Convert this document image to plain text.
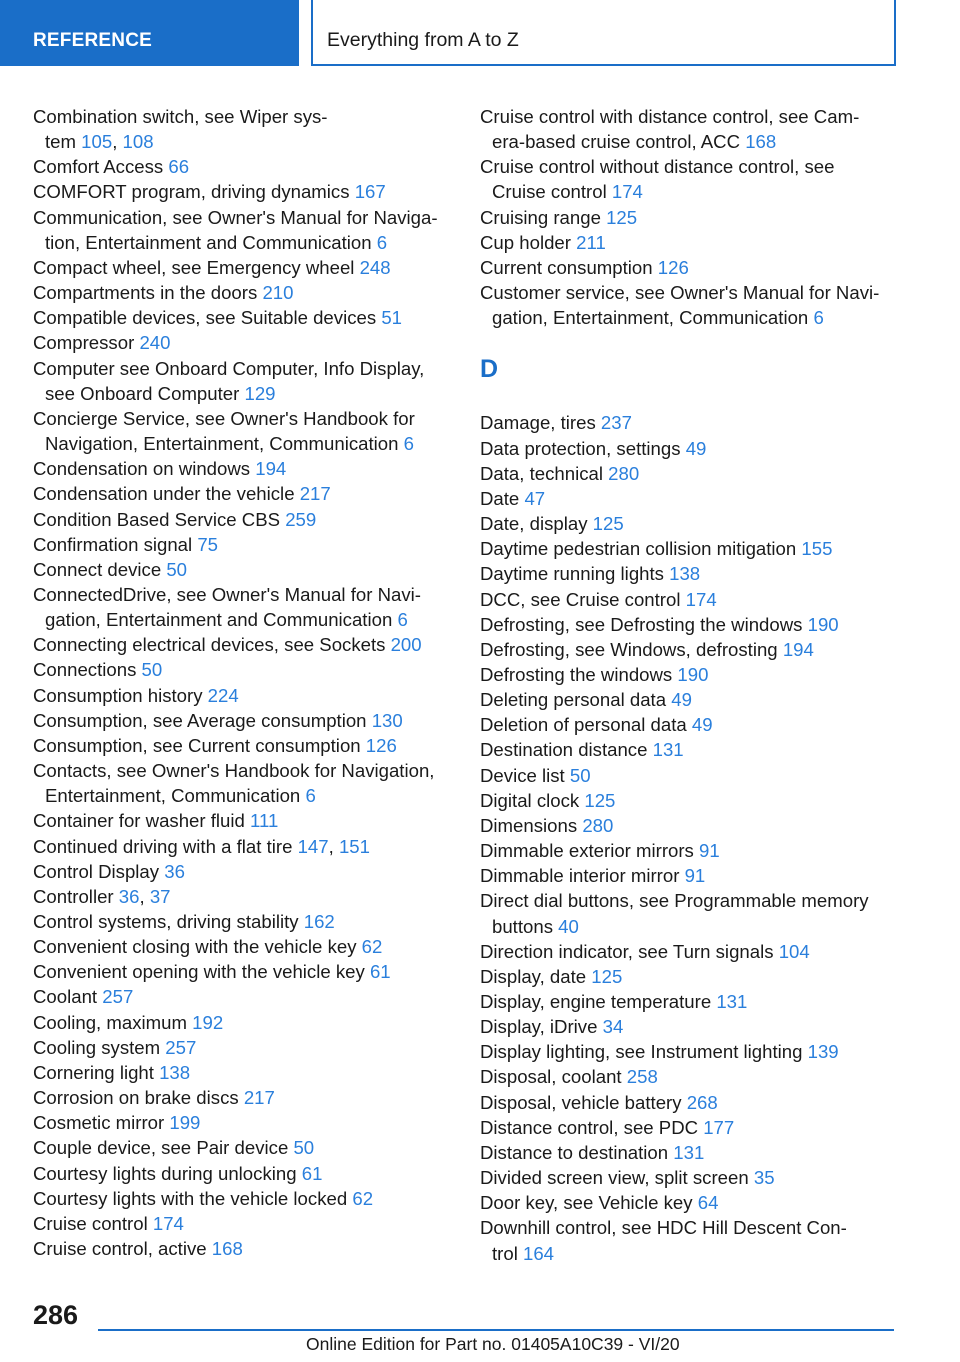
REFERENCE	Everything from A to Z
Combination switch, see Wiper sys-
tem 105, 108
Comfort Access 66
COMFORT program, driving dynamics 167
Communication, see Owner's Manual for Naviga-
tion, Entertainment and Communication 6
Compact wheel, see Emergency wheel 248
Compartments in the doors 210
Compatible devices, see Suitable devices 51
Compressor 240
Computer see Onboard Computer, Info Display,
see Onboard Computer 129
Concierge Service, see Owner's Handbook for
Navigation, Entertainment, Communication 6
Condensation on windows 194
Condensation under the vehicle 217
Condition Based Service CBS 259
Confirmation signal 75
Connect device 50
ConnectedDrive, see Owner's Manual for Navi-
gation, Entertainment and Communication 6
Connecting electrical devices, see Sockets 200
Connections 50
Consumption history 224
Consumption, see Average consumption 130
Consumption, see Current consumption 126
Contacts, see Owner's Handbook for Navigation,
Entertainment, Communication 6
Container for washer fluid 111
Continued driving with a flat tire 147, 151
Control Display 36
Controller 36, 37
Control systems, driving stability 162
Convenient closing with the vehicle key 62
Convenient opening with the vehicle key 61
Coolant 257
Cooling, maximum 192
Cooling system 257
Cornering light 138
Corrosion on brake discs 217
Cosmetic mirror 199
Couple device, see Pair device 50
Courtesy lights during unlocking 61
Courtesy lights with the vehicle locked 62
Cruise control 174
Cruise control, active 168
Cruise control with distance control, see Cam-
era-based cruise control, ACC 168
Cruise control without distance control, see
Cruise control 174
Cruising range 125
Cup holder 211
Current consumption 126
Customer service, see Owner's Manual for Navi-
gation, Entertainment, Communication 6
D
Damage, tires 237
Data protection, settings 49
Data, technical 280
Date 47
Date, display 125
Daytime pedestrian collision mitigation 155
Daytime running lights 138
DCC, see Cruise control 174
Defrosting, see Defrosting the windows 190
Defrosting, see Windows, defrosting 194
Defrosting the windows 190
Deleting personal data 49
Deletion of personal data 49
Destination distance 131
Device list 50
Digital clock 125
Dimensions 280
Dimmable exterior mirrors 91
Dimmable interior mirror 91
Direct dial buttons, see Programmable memory
buttons 40
Direction indicator, see Turn signals 104
Display, date 125
Display, engine temperature 131
Display, iDrive 34
Display lighting, see Instrument lighting 139
Disposal, coolant 258
Disposal, vehicle battery 268
Distance control, see PDC 177
Distance to destination 131
Divided screen view, split screen 35
Door key, see Vehicle key 64
Downhill control, see HDC Hill Descent Con-
trol 164
286
Online Edition for Part no. 01405A10C39 - VI/20
